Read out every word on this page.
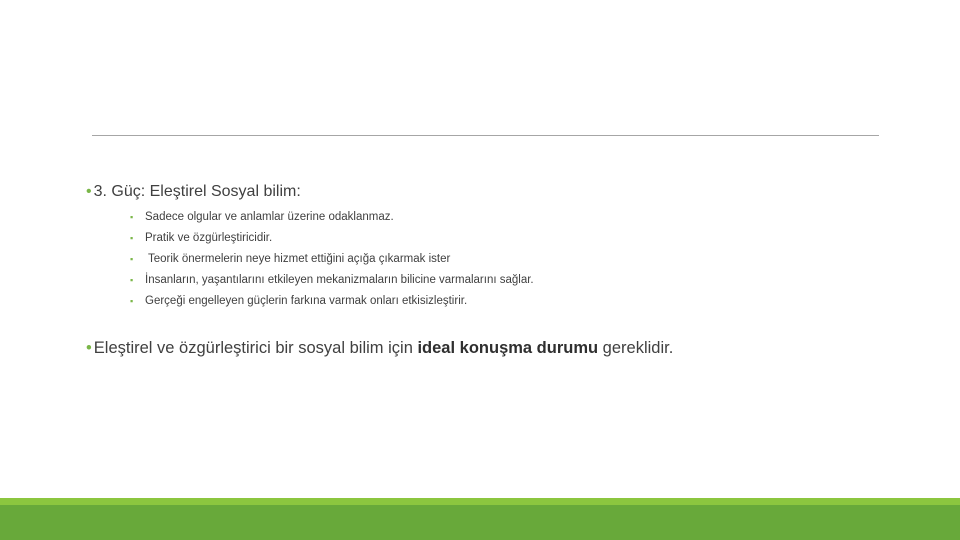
• 3. Güç: Eleştirel Sosyal bilim:
▪ Sadece olgular ve anlamlar üzerine odaklanmaz.
▪ Pratik ve özgürleştiricidir.
▪ Teorik önermelerin neye hizmet ettiğini açığa çıkarmak ister
▪ İnsanların, yaşantılarını etkileyen mekanizmaların bilicine varmalarını sağlar.
▪ Gerçeği engelleyen güçlerin farkına varmak onları etkisizleştirir.
• Eleştirel ve özgürleştirici bir sosyal bilim için ideal konuşma durumu gereklidir.
